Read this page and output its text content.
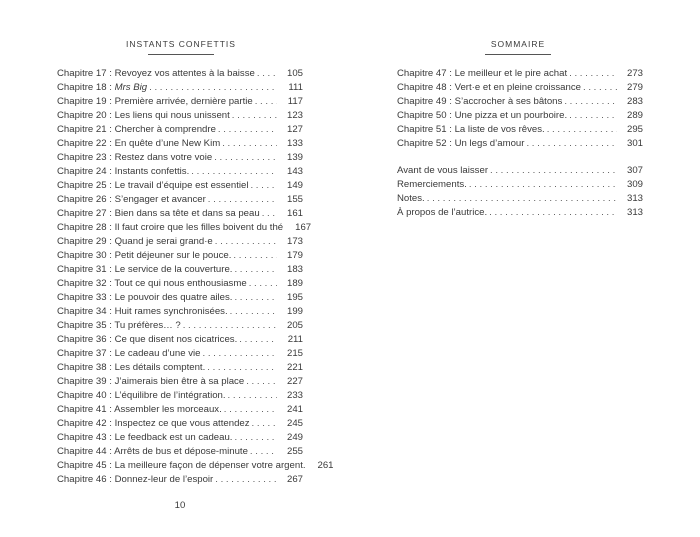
INSTANTS CONFETTIS	SOMMAIRE
Chapitre 17 : Revoyez vos attentes à la baisse . . .	105
Chapitre 18 : Mrs Big . . .	111
Chapitre 19 : Première arrivée, dernière partie . . .	117
Chapitre 20 : Les liens qui nous unissent . . .	123
Chapitre 21 : Chercher à comprendre . . .	127
Chapitre 22 : En quête d’une New Kim . . .	133
Chapitre 23 : Restez dans votre voie . . .	139
Chapitre 24 : Instants confettis. . . .	143
Chapitre 25 : Le travail d’équipe est essentiel . . .	149
Chapitre 26 : S’engager et avancer . . .	155
Chapitre 27 : Bien dans sa tête et dans sa peau . . .	161
Chapitre 28 : Il faut croire que les filles boivent du thé	167
Chapitre 29 : Quand je serai grand·e . . .	173
Chapitre 30 : Petit déjeuner sur le pouce. . . .	179
Chapitre 31 : Le service de la couverture. . . .	183
Chapitre 32 : Tout ce qui nous enthousiasme . . .	189
Chapitre 33 : Le pouvoir des quatre ailes. . . .	195
Chapitre 34 : Huit rames synchronisées. . . .	199
Chapitre 35 : Tu préfères… ? . . .	205
Chapitre 36 : Ce que disent nos cicatrices. . . .	211
Chapitre 37 : Le cadeau d’une vie . . .	215
Chapitre 38 : Les détails comptent. . . .	221
Chapitre 39 : J’aimerais bien être à sa place . . .	227
Chapitre 40 : L’équilibre de l’intégration. . . .	233
Chapitre 41 : Assembler les morceaux. . . .	241
Chapitre 42 : Inspectez ce que vous attendez . . .	245
Chapitre 43 : Le feedback est un cadeau. . . .	249
Chapitre 44 : Arrêts de bus et dépose-minute . . .	255
Chapitre 45 : La meilleure façon de dépenser votre argent.	261
Chapitre 46 : Donnez-leur de l’espoir . . .	267
Chapitre 47 : Le meilleur et le pire achat . . .	273
Chapitre 48 : Vert·e et en pleine croissance . . .	279
Chapitre 49 : S’accrocher à ses bâtons . . .	283
Chapitre 50 : Une pizza et un pourboire. . . .	289
Chapitre 51 : La liste de vos rêves. . . .	295
Chapitre 52 : Un legs d’amour . . .	301
Avant de vous laisser . . .	307
Remerciements. . . .	309
Notes. . . .	313
À propos de l’autrice. . . .	313
10
